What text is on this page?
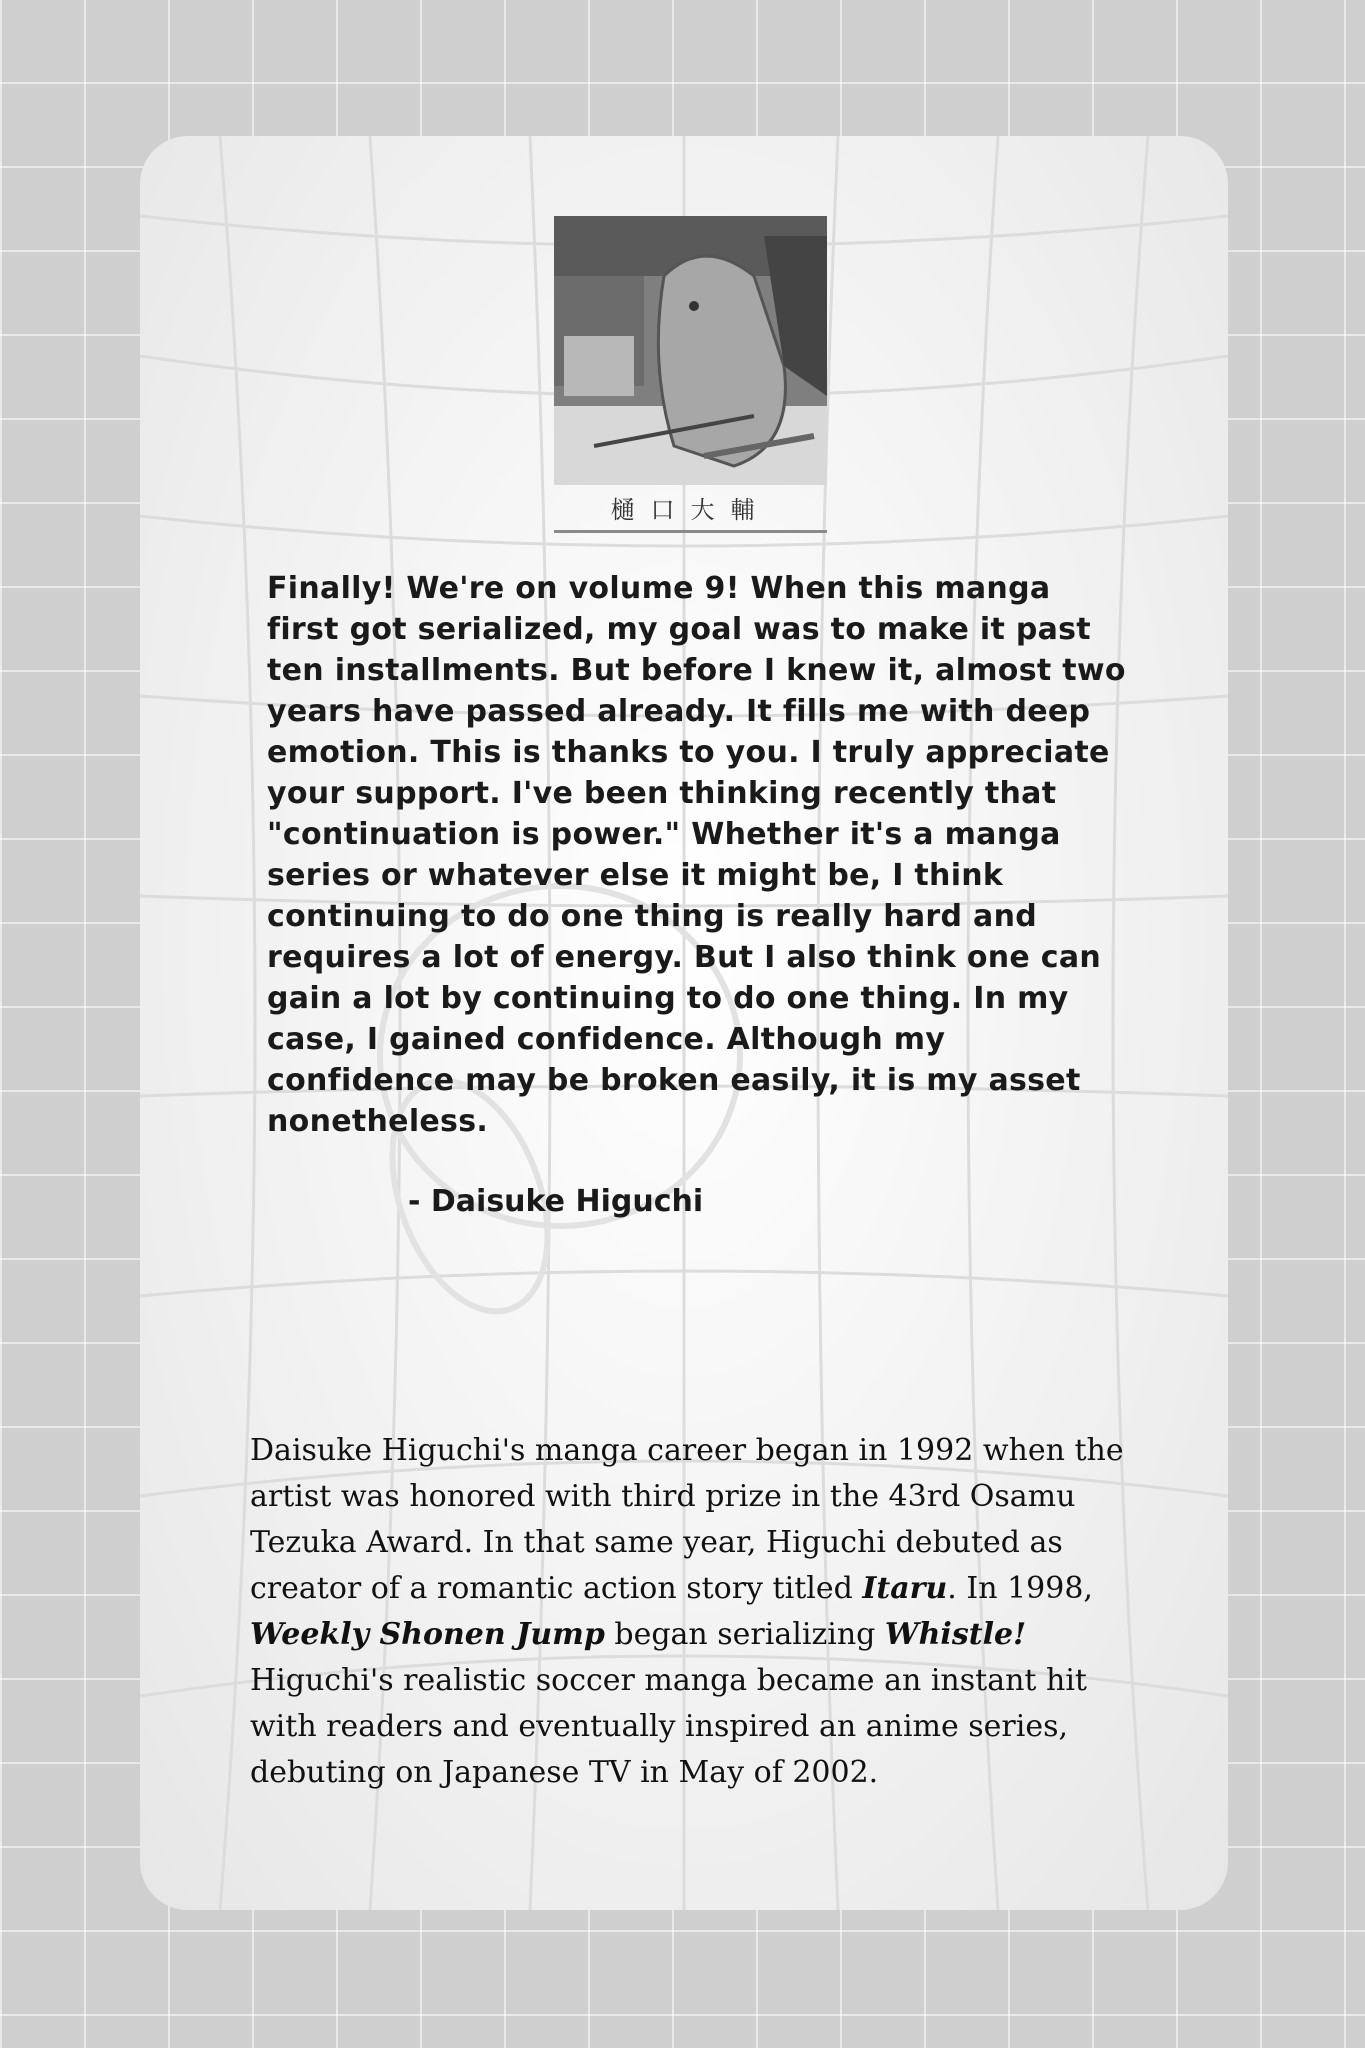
樋口大輔
Finally! We're on volume 9! When this manga first got serialized, my goal was to make it past ten installments. But before I knew it, almost two years have passed already. It fills me with deep emotion. This is thanks to you. I truly appreciate your support. I've been thinking recently that "continuation is power." Whether it's a manga series or whatever else it might be, I think continuing to do one thing is really hard and requires a lot of energy. But I also think one can gain a lot by continuing to do one thing. In my case, I gained confidence. Although my confidence may be broken easily, it is my asset nonetheless.
- Daisuke Higuchi
Daisuke Higuchi's manga career began in 1992 when the artist was honored with third prize in the 43rd Osamu Tezuka Award. In that same year, Higuchi debuted as creator of a romantic action story titled Itaru. In 1998, Weekly Shonen Jump began serializing Whistle! Higuchi's realistic soccer manga became an instant hit with readers and eventually inspired an anime series, debuting on Japanese TV in May of 2002.
